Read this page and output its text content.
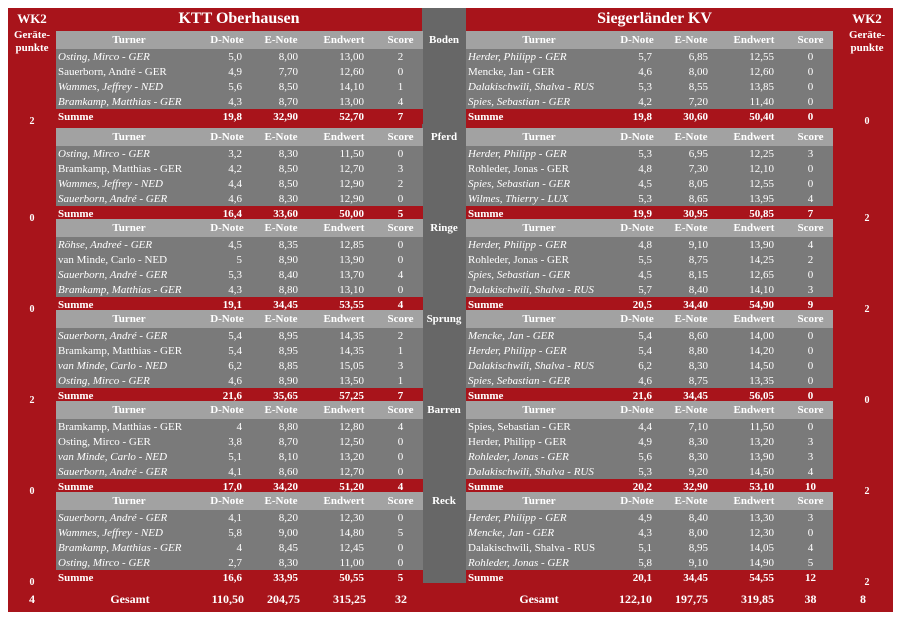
KTT Oberhausen	Siegerländer KV
WK2
Geräte-
punkte
WK2
Geräte-
punkte
Boden
Pferd
Ringe
Sprung
Barren
Reck
Turner	D-Note	E-Note	Endwert	Score
Osting, Mirco - GER	5,0	8,00	13,00	2
Sauerborn, André - GER	4,9	7,70	12,60	0
Wammes, Jeffrey - NED	5,6	8,50	14,10	1
Bramkamp, Matthias - GER	4,3	8,70	13,00	4
Summe	19,8	32,90	52,70	7
2
Turner	D-Note	E-Note	Endwert	Score
Osting, Mirco - GER	3,2	8,30	11,50	0
Bramkamp, Matthias - GER	4,2	8,50	12,70	3
Wammes, Jeffrey - NED	4,4	8,50	12,90	2
Sauerborn, André - GER	4,6	8,30	12,90	0
Summe	16,4	33,60	50,00	5
0
Turner	D-Note	E-Note	Endwert	Score
Röhse, Andreé - GER	4,5	8,35	12,85	0
van Minde, Carlo - NED	5	8,90	13,90	0
Sauerborn, André - GER	5,3	8,40	13,70	4
Bramkamp, Matthias - GER	4,3	8,80	13,10	0
Summe	19,1	34,45	53,55	4
0
Turner	D-Note	E-Note	Endwert	Score
Sauerborn, André - GER	5,4	8,95	14,35	2
Bramkamp, Matthias - GER	5,4	8,95	14,35	1
van Minde, Carlo - NED	6,2	8,85	15,05	3
Osting, Mirco - GER	4,6	8,90	13,50	1
Summe	21,6	35,65	57,25	7
2
Turner	D-Note	E-Note	Endwert	Score
Bramkamp, Matthias - GER	4	8,80	12,80	4
Osting, Mirco - GER	3,8	8,70	12,50	0
van Minde, Carlo - NED	5,1	8,10	13,20	0
Sauerborn, André - GER	4,1	8,60	12,70	0
Summe	17,0	34,20	51,20	4
0
Turner	D-Note	E-Note	Endwert	Score
Sauerborn, André - GER	4,1	8,20	12,30	0
Wammes, Jeffrey - NED	5,8	9,00	14,80	5
Bramkamp, Matthias - GER	4	8,45	12,45	0
Osting, Mirco - GER	2,7	8,30	11,00	0
Summe	16,6	33,95	50,55	5
0
Turner	D-Note	E-Note	Endwert	Score
Herder, Philipp - GER	5,7	6,85	12,55	0
Mencke, Jan - GER	4,6	8,00	12,60	0
Dalakischwili, Shalva - RUS	5,3	8,55	13,85	0
Spies, Sebastian - GER	4,2	7,20	11,40	0
Summe	19,8	30,60	50,40	0	0
Turner	D-Note	E-Note	Endwert	Score
Herder, Philipp - GER	5,3	6,95	12,25	3
Rohleder, Jonas - GER	4,8	7,30	12,10	0
Spies, Sebastian - GER	4,5	8,05	12,55	0
Wilmes, Thierry - LUX	5,3	8,65	13,95	4
Summe	19,9	30,95	50,85	7	2
Turner	D-Note	E-Note	Endwert	Score
Herder, Philipp - GER	4,8	9,10	13,90	4
Rohleder, Jonas - GER	5,5	8,75	14,25	2
Spies, Sebastian - GER	4,5	8,15	12,65	0
Dalakischwili, Shalva - RUS	5,7	8,40	14,10	3
Summe	20,5	34,40	54,90	9	2
Turner	D-Note	E-Note	Endwert	Score
Mencke, Jan - GER	5,4	8,60	14,00	0
Herder, Philipp - GER	5,4	8,80	14,20	0
Dalakischwili, Shalva - RUS	6,2	8,30	14,50	0
Spies, Sebastian - GER	4,6	8,75	13,35	0
Summe	21,6	34,45	56,05	0	0
Turner	D-Note	E-Note	Endwert	Score
Spies, Sebastian - GER	4,4	7,10	11,50	0
Herder, Philipp - GER	4,9	8,30	13,20	3
Rohleder, Jonas - GER	5,6	8,30	13,90	3
Dalakischwili, Shalva - RUS	5,3	9,20	14,50	4
Summe	20,2	32,90	53,10	10	2
Turner	D-Note	E-Note	Endwert	Score
Herder, Philipp - GER	4,9	8,40	13,30	3
Mencke, Jan - GER	4,3	8,00	12,30	0
Dalakischwili, Shalva - RUS	5,1	8,95	14,05	4
Rohleder, Jonas - GER	5,8	9,10	14,90	5
Summe	20,1	34,45	54,55	12	2
4	Gesamt	110,50	204,75	315,25	32	Gesamt	122,10	197,75	319,85	38	8
